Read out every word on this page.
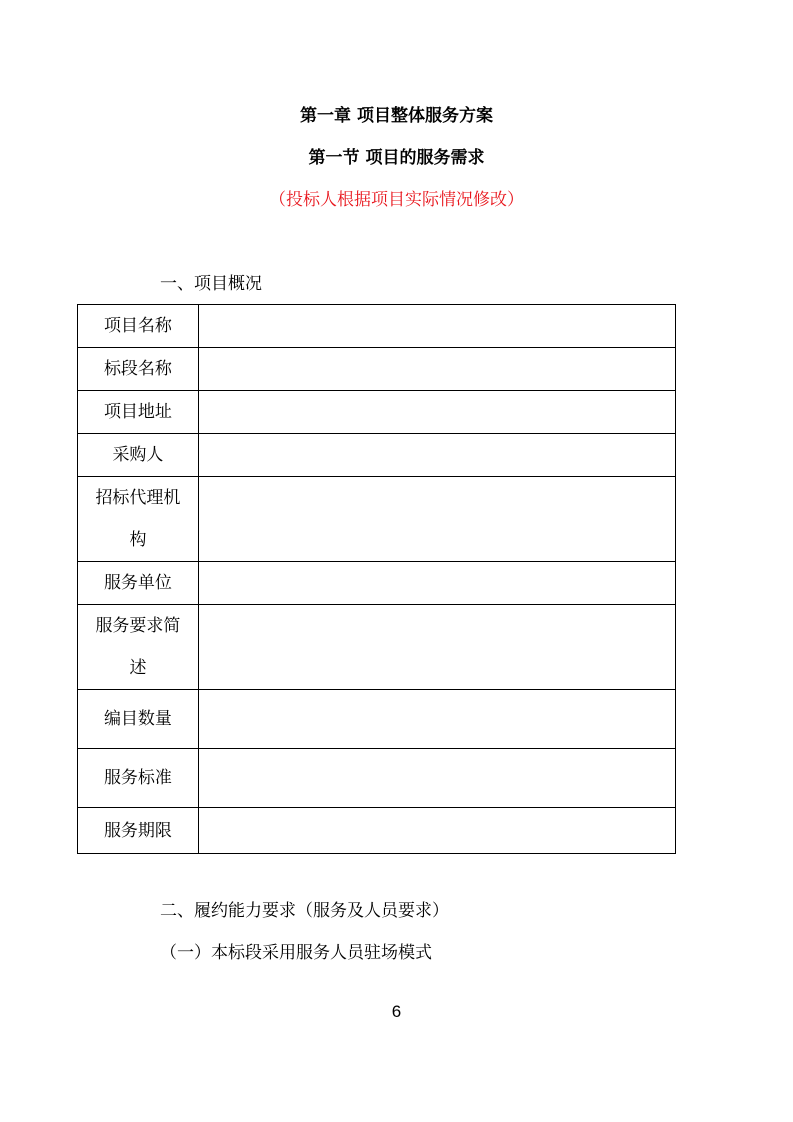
第一章 项目整体服务方案

第一节 项目的服务需求

（投标人根据项目实际情况修改）

一、项目概况

项目名称	
标段名称	
项目地址	
采购人	
招标代理机构	
服务单位	
服务要求简述	
编目数量	
服务标准	
服务期限	

二、履约能力要求（服务及人员要求）

（一）本标段采用服务人员驻场模式

6
